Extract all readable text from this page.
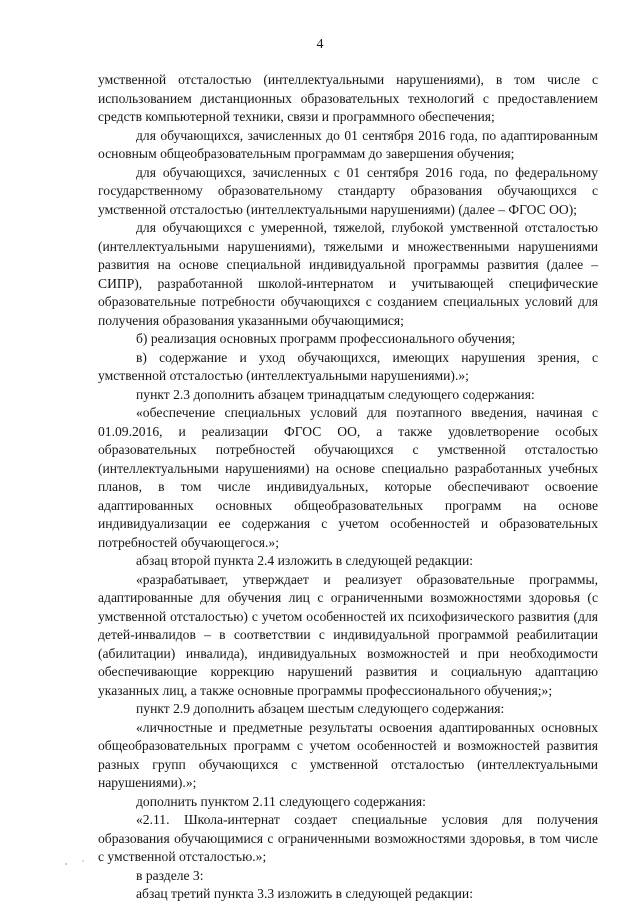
4

умственной отсталостью (интеллектуальными нарушениями), в том числе с использованием дистанционных образовательных технологий с предоставлением средств компьютерной техники, связи и программного обеспечения;

для обучающихся, зачисленных до 01 сентября 2016 года, по адаптированным основным общеобразовательным программам до завершения обучения;

для обучающихся, зачисленных с 01 сентября 2016 года, по федеральному государственному образовательному стандарту образования обучающихся с умственной отсталостью (интеллектуальными нарушениями) (далее – ФГОС ОО);

для обучающихся с умеренной, тяжелой, глубокой умственной отсталостью (интеллектуальными нарушениями), тяжелыми и множественными нарушениями развития на основе специальной индивидуальной программы развития (далее – СИПР), разработанной школой-интернатом и учитывающей специфические образовательные потребности обучающихся с созданием специальных условий для получения образования указанными обучающимися;

б) реализация основных программ профессионального обучения;

в) содержание и уход обучающихся, имеющих нарушения зрения, с умственной отсталостью (интеллектуальными нарушениями).»;

пункт 2.3 дополнить абзацем тринадцатым следующего содержания:

«обеспечение специальных условий для поэтапного введения, начиная с 01.09.2016, и реализации ФГОС ОО, а также удовлетворение особых образовательных потребностей обучающихся с умственной отсталостью (интеллектуальными нарушениями) на основе специально разработанных учебных планов, в том числе индивидуальных, которые обеспечивают освоение адаптированных основных общеобразовательных программ на основе индивидуализации ее содержания с учетом особенностей и образовательных потребностей обучающегося.»;

абзац второй пункта 2.4 изложить в следующей редакции:

«разрабатывает, утверждает и реализует образовательные программы, адаптированные для обучения лиц с ограниченными возможностями здоровья (с умственной отсталостью) с учетом особенностей их психофизического развития (для детей-инвалидов – в соответствии с индивидуальной программой реабилитации (абилитации) инвалида), индивидуальных возможностей и при необходимости обеспечивающие коррекцию нарушений развития и социальную адаптацию указанных лиц, а также основные программы профессионального обучения;»;

пункт 2.9 дополнить абзацем шестым следующего содержания:

«личностные и предметные результаты освоения адаптированных основных общеобразовательных программ с учетом особенностей и возможностей развития разных групп обучающихся с умственной отсталостью (интеллектуальными нарушениями).»;

дополнить пунктом 2.11 следующего содержания:

«2.11. Школа-интернат создает специальные условия для получения образования обучающимися с ограниченными возможностями здоровья, в том числе с умственной отсталостью.»;

в разделе 3:

абзац третий пункта 3.3 изложить в следующей редакции:

⸱ ˙ ˙
